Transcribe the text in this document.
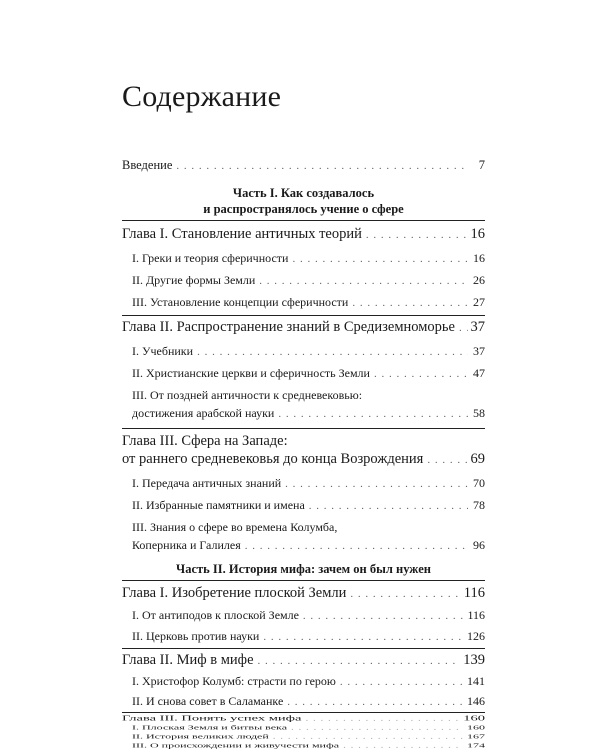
Содержание
Введение . . .	7
Часть I. Как создавалось
и распространялось учение о сфере
Глава I. Становление античных теорий . . .	16
I. Греки и теория сферичности . . .	16
II. Другие формы Земли . . .	26
III. Установление концепции сферичности . . .	27
Глава II. Распространение знаний в Средиземноморье . . . 37
I. Учебники . . .	37
II. Христианские церкви и сферичность Земли . . .	47
III. От поздней античности к средневековью:
достижения арабской науки . . .	58
Глава III. Сфера на Западе:
от раннего средневековья до конца Возрождения . . .	69
I. Передача античных знаний . . .	70
II. Избранные памятники и имена . . .	78
III. Знания о сфере во времена Колумба,
Коперника и Галилея . . .	96
Часть II. История мифа: зачем он был нужен
Глава I. Изобретение плоской Земли . . .	116
I. От антиподов к плоской Земле . . .	116
II. Церковь против науки . . .	126
Глава II. Миф в мифе . . .	139
I. Христофор Колумб: страсти по герою . . .	141
II. И снова совет в Саламанке . . .	146
Глава III. Понять успех мифа . . .	160
I. Плоская Земля и битвы века . . .	160
II. История великих людей . . .	167
III. О происхождении и живучести мифа . . .	174
